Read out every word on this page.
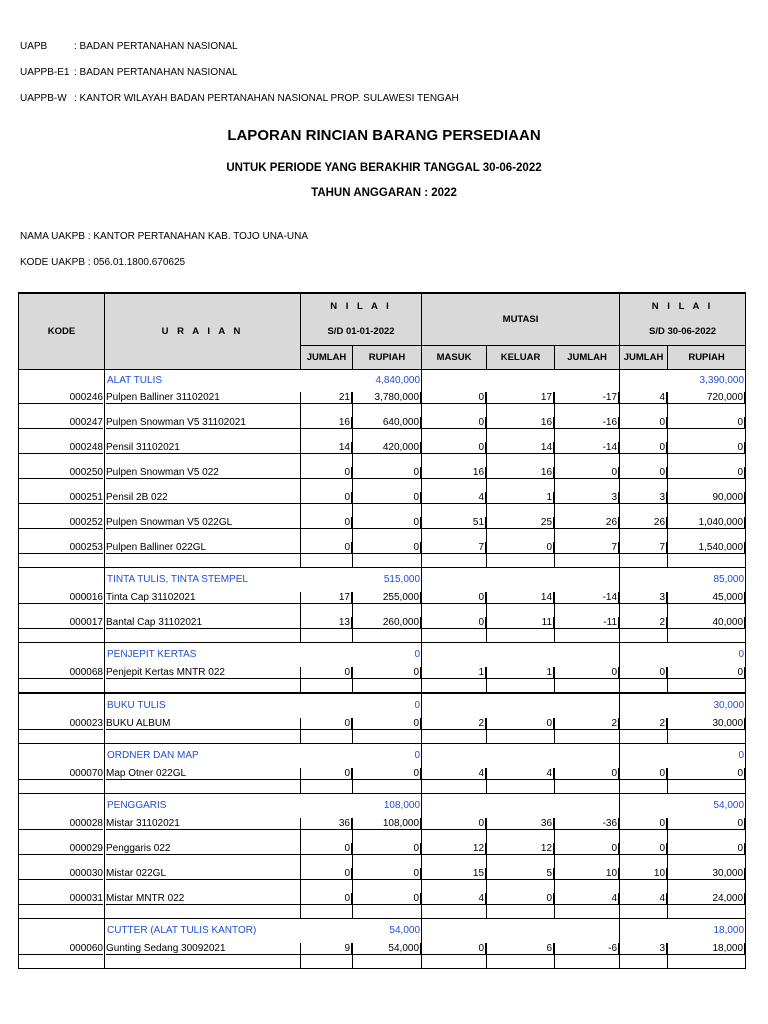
UAPB	: BADAN PERTANAHAN NASIONAL
UAPPB-E1 : BADAN PERTANAHAN NASIONAL
UAPPB-W : KANTOR WILAYAH BADAN PERTANAHAN NASIONAL PROP. SULAWESI TENGAH
LAPORAN RINCIAN BARANG PERSEDIAAN
UNTUK PERIODE YANG BERAKHIR TANGGAL 30-06-2022
TAHUN ANGGARAN : 2022
NAMA UAKPB : KANTOR PERTANAHAN KAB. TOJO UNA-UNA
KODE UAKPB : 056.01.1800.670625
KODE	U R A I A N	N I L A I		MUTASI			N I L A I	
		S/D 01-01-2022					S/D 30-06-2022	
		JUMLAH	RUPIAH	MASUK	KELUAR	JUMLAH	JUMLAH	RUPIAH
	ALAT TULIS	4,840,000					3,390,000	

000246	Pulpen Balliner 31102021	21	3,780,000	0	17	-17	4	720,000

000247	Pulpen Snowman V5 31102021	16	640,000	0	16	-16	0	0

000248	Pensil 31102021	14	420,000	0	14	-14	0	0

000250	Pulpen Snowman V5 022	0	0	16	16	0	0	0

000251	Pensil 2B 022	0	0	4	1	3	3	90,000

000252	Pulpen Snowman V5 022GL	0	0	51	25	26	26	1,040,000

000253	Pulpen Balliner 022GL	0	0	7	0	7	7	1,540,000

	TINTA TULIS, TINTA STEMPEL	515,000					85,000	

000016	Tinta Cap 31102021	17	255,000	0	14	-14	3	45,000

000017	Bantal Cap 31102021	13	260,000	0	11	-11	2	40,000

	PENJEPIT KERTAS	0					0	

000068	Penjepit Kertas MNTR 022	0	0	1	1	0	0	0

	BUKU TULIS	0					30,000	

000023	BUKU ALBUM	0	0	2	0	2	2	30,000

	ORDNER DAN MAP	0					0	

000070	Map Otner 022GL	0	0	4	4	0	0	0

	PENGGARIS	108,000					54,000	

000028	Mistar 31102021	36	108,000	0	36	-36	0	0

000029	Penggaris 022	0	0	12	12	0	0	0

000030	Mistar 022GL	0	0	15	5	10	10	30,000

000031	Mistar MNTR 022	0	0	4	0	4	4	24,000

	CUTTER (ALAT TULIS KANTOR)	54,000					18,000	

000060	Gunting Sedang 30092021	9	54,000	0	6	-6	3	18,000
